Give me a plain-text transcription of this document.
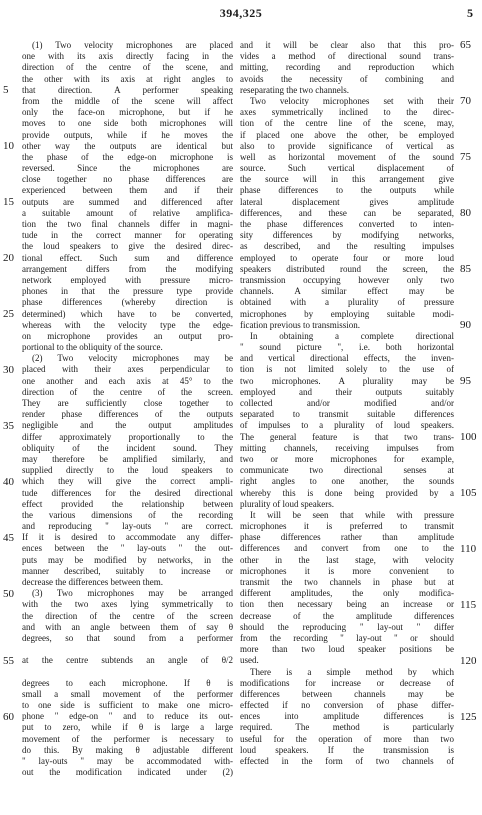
394,325	5
(1) Two velocity microphones are placed
one with its axis directly facing in the
direction of the centre of the scene, and
the other with its axis at right angles to
that direction. A performer speaking
from the middle of the scene will affect
only the face-on microphone, but if he
moves to one side both microphones will
provide outputs, while if he moves the
other way the outputs are identical but
the phase of the edge-on microphone is
reversed. Since the microphones are
close together no phase differences are
experienced between them and if their
outputs are summed and differenced after
a suitable amount of relative amplifica-
tion the two final channels differ in magni-
tude in the correct manner for operating
the loud speakers to give the desired direc-
tional effect. Such sum and difference
arrangement differs from the modifying
network employed with pressure micro-
phones in that the pressure type provide
phase differences (whereby direction is
determined) which have to be converted,
whereas with the velocity type the edge-
on microphone provides an output pro-
portional to the obliquity of the source.
(2) Two velocity microphones may be
placed with their axes perpendicular to
one another and each axis at 45° to the
direction of the centre of the screen.
They are sufficiently close together to
render phase differences of the outputs
negligible and the output amplitudes
differ approximately proportionally to the
obliquity of the incident sound. They
may therefore be amplified similarly, and
supplied directly to the loud speakers to
which they will give the correct ampli-
tude differences for the desired directional
effect provided the relationship between
the various dimensions of the recording
and reproducing " lay-outs " are correct.
If it is desired to accommodate any differ-
ences between the " lay-outs " the out-
puts may be modified by networks, in the
manner described, suitably to increase or
decrease the differences between them.
(3) Two microphones may be arranged
with the two axes lying symmetrically to
the direction of the centre of the screen
and with an angle between them of say θ
degrees, so that sound from a performer
at the centre subtends an angle of θ/2
degrees to each microphone. If θ is
small a small movement of the performer
to one side is sufficient to make one micro-
phone " edge-on " and to reduce its out-
put to zero, while if θ is large a large
movement of the performer is necessary to
do this. By making θ adjustable different
" lay-outs " may be accommodated with-
out the modification indicated under (2)
and it will be clear also that this pro-
vides a method of directional sound trans-
mitting, recording and reproduction which
avoids the necessity of combining and
reseparating the two channels.
Two velocity microphones set with their
axes symmetrically inclined to the direc-
tion of the centre line of the scene, may,
if placed one above the other, be employed
also to provide significance of vertical as
well as horizontal movement of the sound
source. Such vertical displacement of
the source will in this arrangement give
phase differences to the outputs while
lateral displacement gives amplitude
differences, and these can be separated,
the phase differences converted to inten-
sity differences by modifying networks,
as described, and the resulting impulses
employed to operate four or more loud
speakers distributed round the screen, the
transmission occupying however only two
channels. A similar effect may be
obtained with a plurality of pressure
microphones by employing suitable modi-
fication previous to transmission.
In obtaining a complete directional
" sound picture ", i.e. both horizontal
and vertical directional effects, the inven-
tion is not limited solely to the use of
two microphones. A plurality may be
employed and their outputs suitably
collected and/or modified and/or
separated to transmit suitable differences
of impulses to a plurality of loud speakers.
The general feature is that two trans-
mitting channels, receiving impulses from
two or more microphones for example,
communicate two directional senses at
right angles to one another, the sounds
whereby this is done being provided by a
plurality of loud speakers.
It will be seen that while with pressure
microphones it is preferred to transmit
phase differences rather than amplitude
differences and convert from one to the
other in the last stage, with velocity
microphones it is more convenient to
transmit the two channels in phase but at
different amplitudes, the only modifica-
tion then necessary being an increase or
decrease of the amplitude differences
should the reproducing " lay-out " differ
from the recording " lay-out " or should
more than two loud speaker positions be
used.
There is a simple method by which
modifications for increase or decrease of
differences between channels may be
effected if no conversion of phase differ-
ences into amplitude differences is
required. The method is particularly
useful for the operation of more than two
loud speakers. If the transmission is
effected in the form of two channels of
5
10
15
20
25
30
35
40
45
50
55
60
65
70
75
80
85
90
95
100
105
110
115
120
125
